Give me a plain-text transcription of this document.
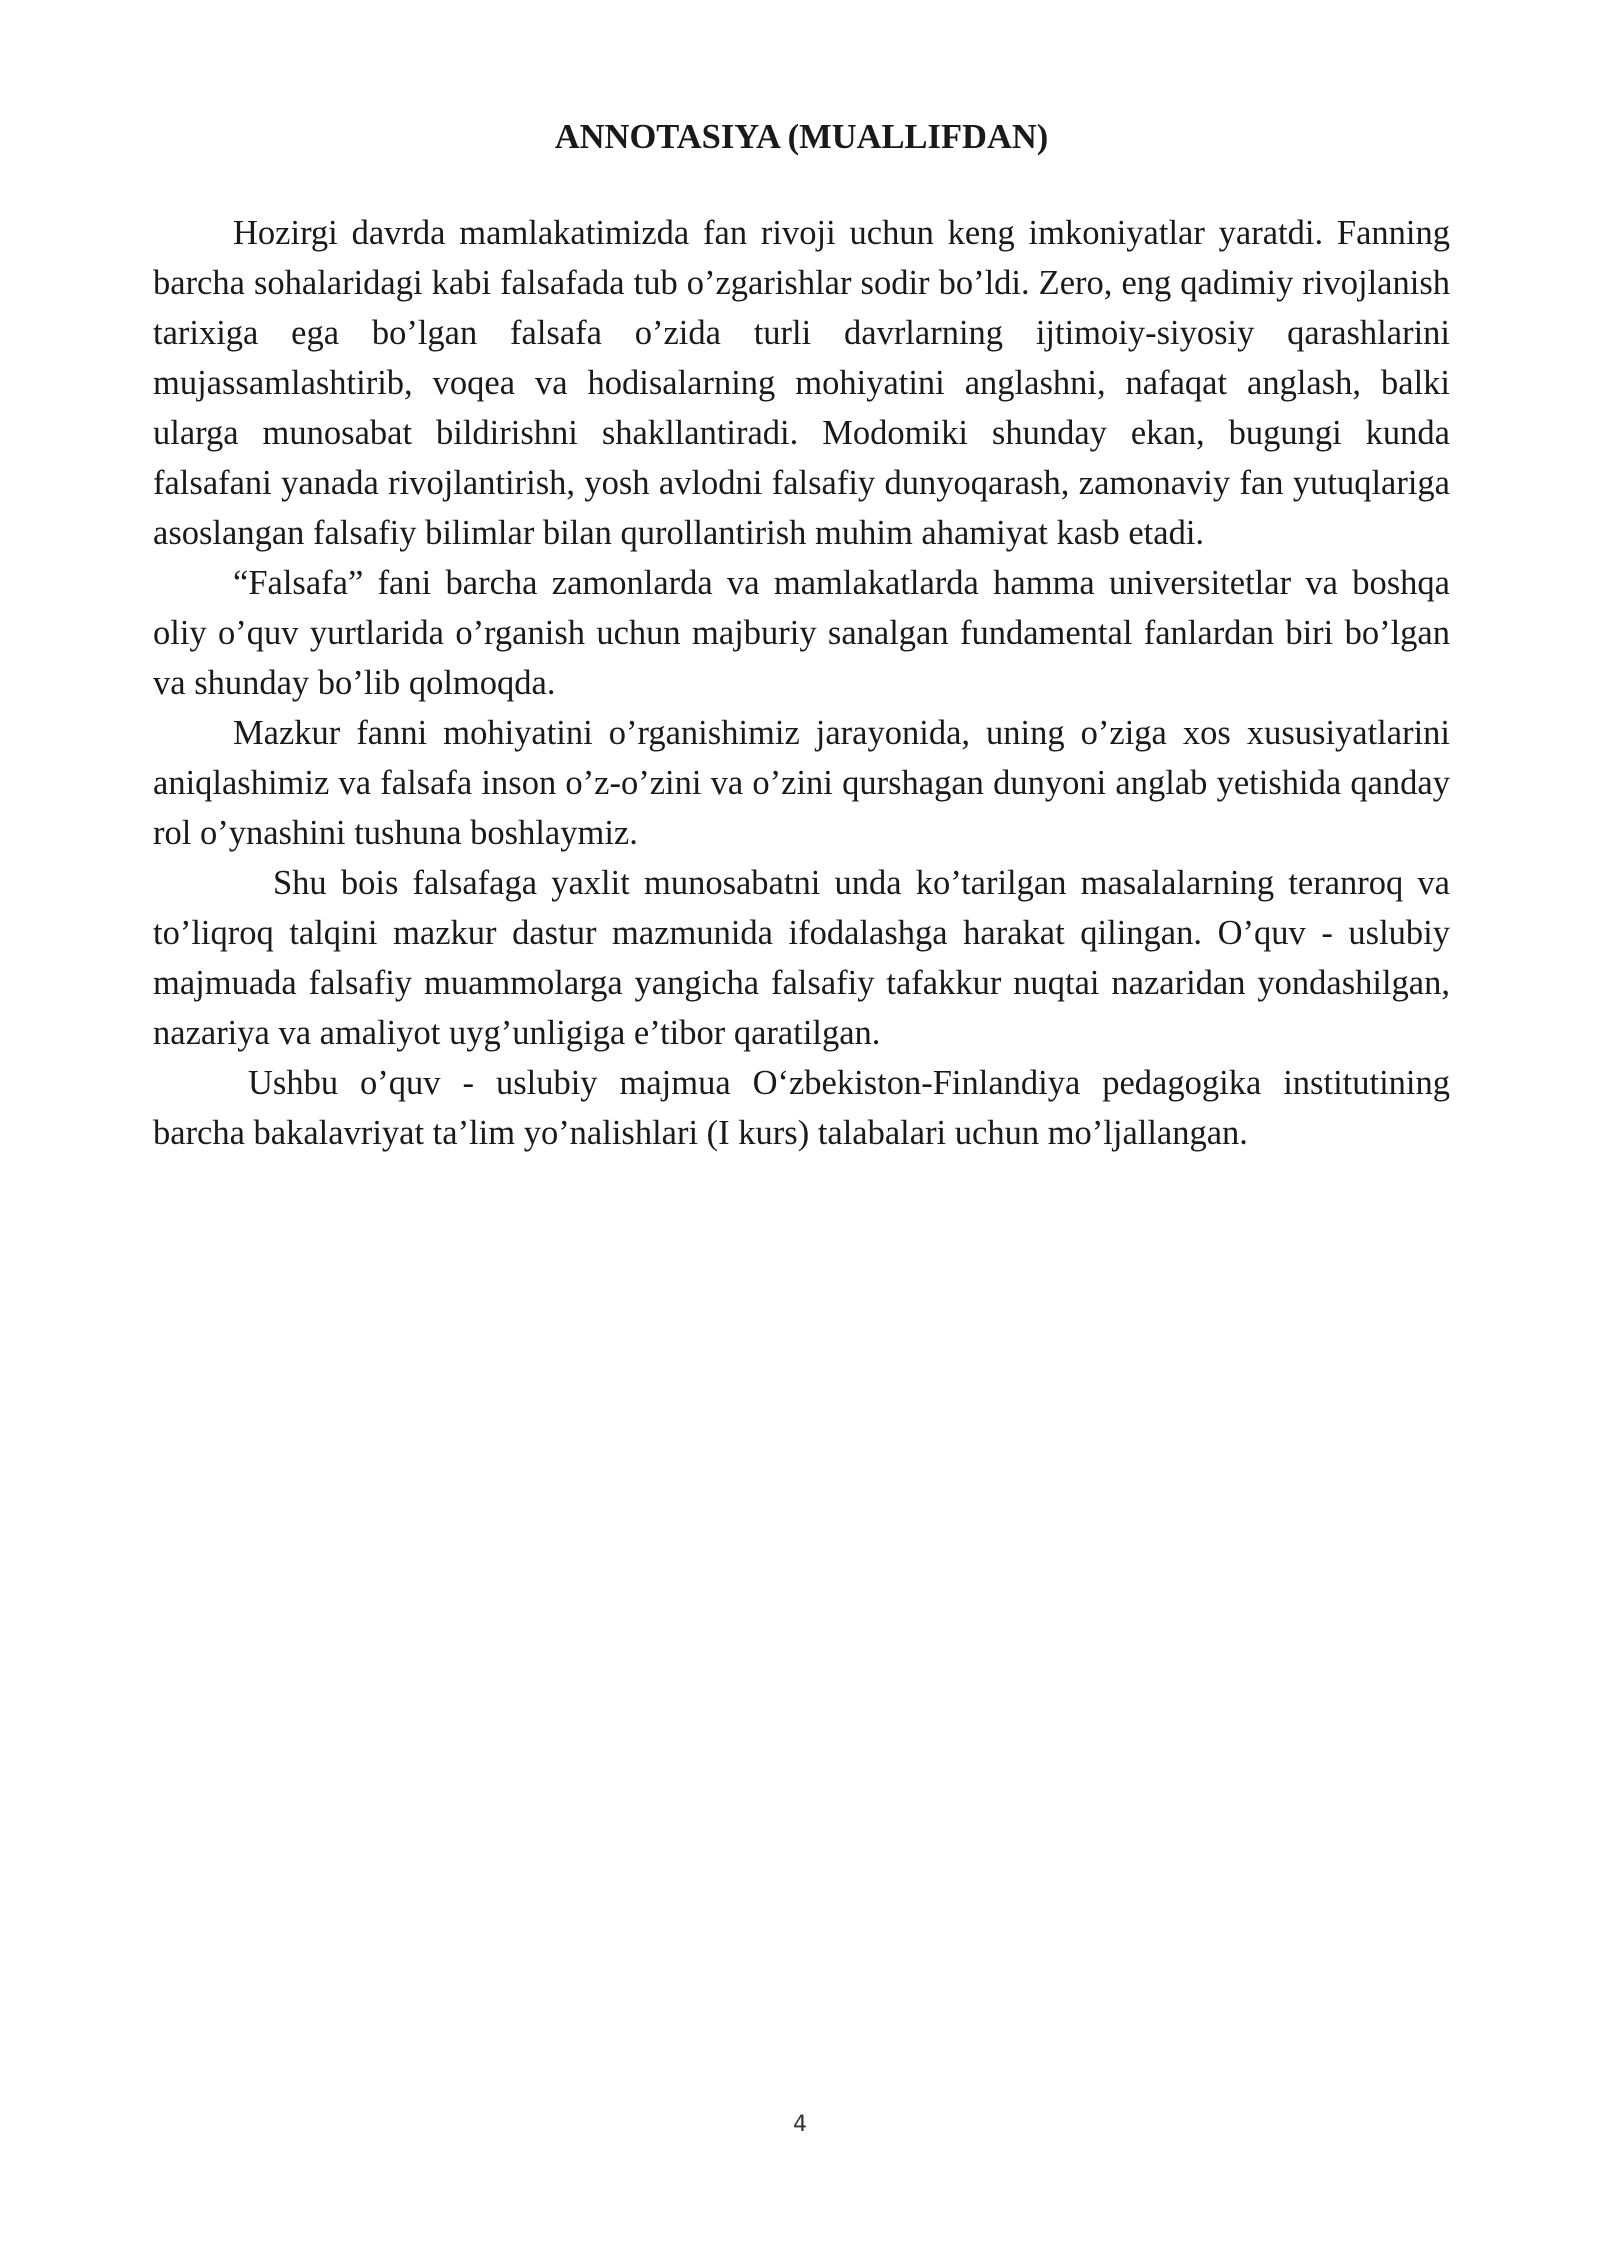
ANNOTASIYA (MUALLIFDAN)

Hozirgi davrda mamlakatimizda fan rivoji uchun keng imkoniyatlar yaratdi. Fanning barcha sohalaridagi kabi falsafada tub o’zgarishlar sodir bo’ldi. Zero, eng qadimiy rivojlanish tarixiga ega bo’lgan falsafa o’zida turli davrlarning ijtimoiy-siyosiy qarashlarini mujassamlashtirib, voqea va hodisalarning mohiyatini anglashni, nafaqat anglash, balki ularga munosabat bildirishni shakllantiradi. Modomiki shunday ekan, bugungi kunda falsafani yanada rivojlantirish, yosh avlodni falsafiy dunyoqarash, zamonaviy fan yutuqlariga asoslangan falsafiy bilimlar bilan qurollantirish muhim ahamiyat kasb etadi.

“Falsafa” fani barcha zamonlarda va mamlakatlarda hamma universitetlar va boshqa oliy o’quv yurtlarida o’rganish uchun majburiy sanalgan fundamental fanlardan biri bo’lgan va shunday bo’lib qolmoqda.

Mazkur fanni mohiyatini o’rganishimiz jarayonida, uning o’ziga xos xususiyatlarini aniqlashimiz va falsafa inson o’z-o’zini va o’zini qurshagan dunyoni anglab yetishida qanday rol o’ynashini tushuna boshlaymiz.

Shu bois falsafaga yaxlit munosabatni unda ko’tarilgan masalalarning teranroq va to’liqroq talqini mazkur dastur mazmunida ifodalashga harakat qilingan. O’quv - uslubiy majmuada falsafiy muammolarga yangicha falsafiy tafakkur nuqtai nazaridan yondashilgan, nazariya va amaliyot uyg’unligiga e’tibor qaratilgan.

Ushbu o’quv - uslubiy majmua O‘zbekiston-Finlandiya pedagogika institutining barcha bakalavriyat ta’lim yo’nalishlari (I kurs) talabalari uchun mo’ljallangan.

4
